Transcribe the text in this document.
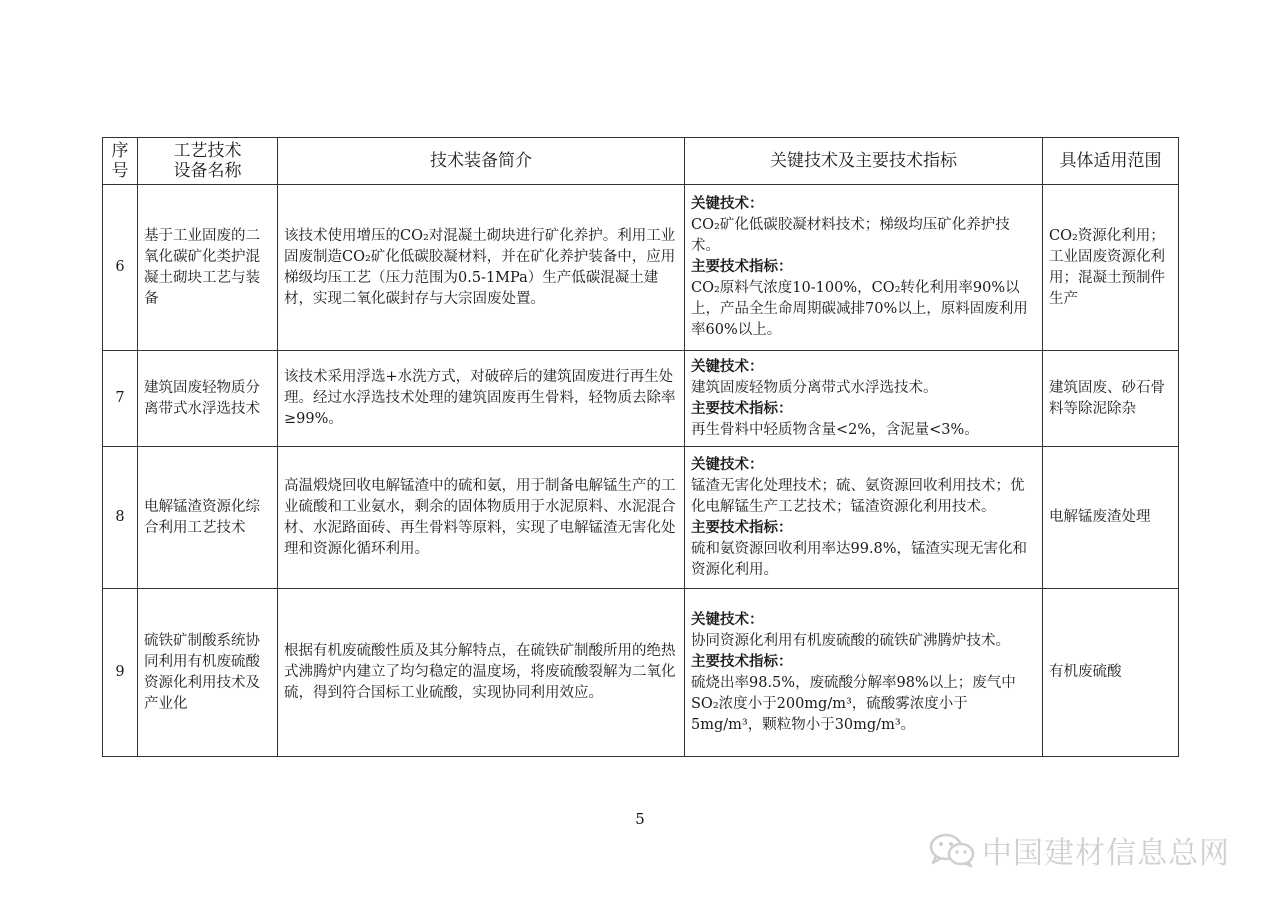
序
号	工艺技术
设备名称	技术装备简介	关键技术及主要技术指标	具体适用范围
6	基于工业固废的二氧化碳矿化类护混凝土砌块工艺与装备	该技术使用增压的CO₂对混凝土砌块进行矿化养护。利用工业固废制造CO₂矿化低碳胶凝材料，并在矿化养护装备中，应用梯级均压工艺（压力范围为0.5-1MPa）生产低碳混凝土建材，实现二氧化碳封存与大宗固废处置。	关键技术：
CO₂矿化低碳胶凝材料技术；梯级均压矿化养护技术。
主要技术指标：
CO₂原料气浓度10-100%，CO₂转化利用率90%以上，产品全生命周期碳减排70%以上，原料固废利用率60%以上。	CO₂资源化利用；工业固废资源化利用；混凝土预制件生产
7	建筑固废轻物质分离带式水浮选技术	该技术采用浮选+水洗方式，对破碎后的建筑固废进行再生处理。经过水浮选技术处理的建筑固废再生骨料，轻物质去除率≥99%。	关键技术：
建筑固废轻物质分离带式水浮选技术。
主要技术指标：
再生骨料中轻质物含量<2%，含泥量<3%。	建筑固废、砂石骨料等除泥除杂
8	电解锰渣资源化综合利用工艺技术	高温煅烧回收电解锰渣中的硫和氨，用于制备电解锰生产的工业硫酸和工业氨水，剩余的固体物质用于水泥原料、水泥混合材、水泥路面砖、再生骨料等原料，实现了电解锰渣无害化处理和资源化循环利用。	关键技术：
锰渣无害化处理技术；硫、氨资源回收利用技术；优化电解锰生产工艺技术；锰渣资源化利用技术。
主要技术指标：
硫和氨资源回收利用率达99.8%，锰渣实现无害化和资源化利用。	电解锰废渣处理
9	硫铁矿制酸系统协同利用有机废硫酸资源化利用技术及产业化	根据有机废硫酸性质及其分解特点，在硫铁矿制酸所用的绝热式沸腾炉内建立了均匀稳定的温度场，将废硫酸裂解为二氧化硫，得到符合国标工业硫酸，实现协同利用效应。	关键技术：
协同资源化利用有机废硫酸的硫铁矿沸腾炉技术。
主要技术指标：
硫烧出率98.5%，废硫酸分解率98%以上；废气中SO₂浓度小于200mg/m³，硫酸雾浓度小于5mg/m³，颗粒物小于30mg/m³。	有机废硫酸
5
中国建材信息总网
